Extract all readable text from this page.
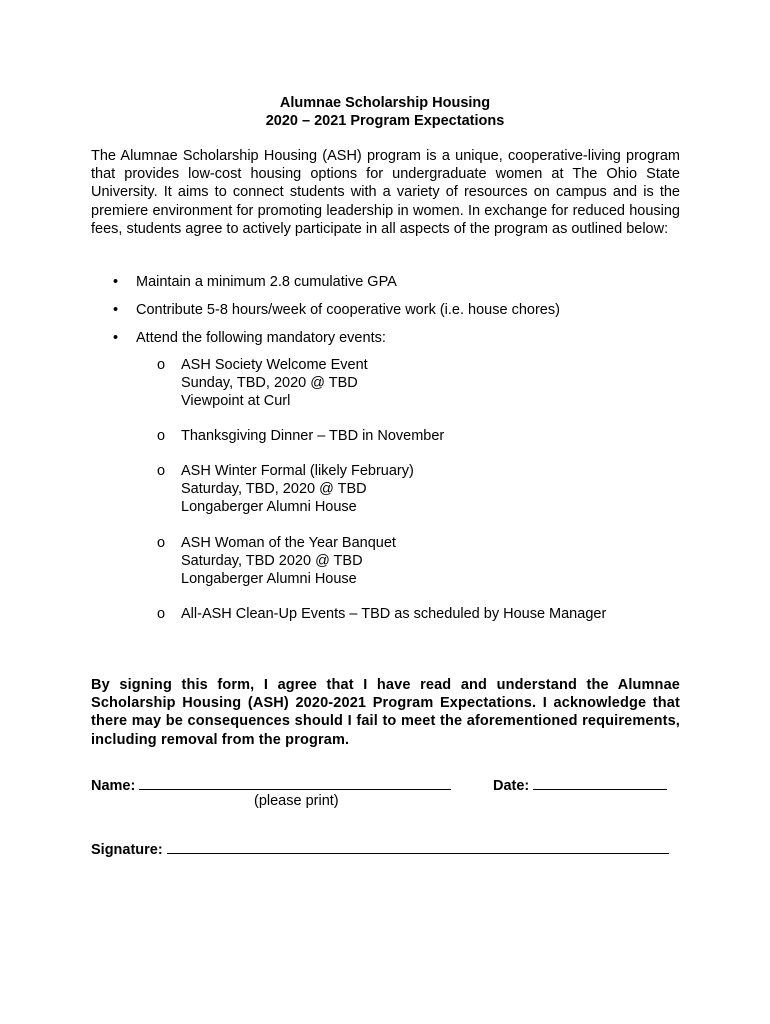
Alumnae Scholarship Housing
2020 – 2021 Program Expectations

The Alumnae Scholarship Housing (ASH) program is a unique, cooperative-living program that provides low-cost housing options for undergraduate women at The Ohio State University. It aims to connect students with a variety of resources on campus and is the premiere environment for promoting leadership in women. In exchange for reduced housing fees, students agree to actively participate in all aspects of the program as outlined below:

• Maintain a minimum 2.8 cumulative GPA
• Contribute 5-8 hours/week of cooperative work (i.e. house chores)
• Attend the following mandatory events:
o ASH Society Welcome Event
Sunday, TBD, 2020 @ TBD
Viewpoint at Curl
o Thanksgiving Dinner – TBD in November
o ASH Winter Formal (likely February)
Saturday, TBD, 2020 @ TBD
Longaberger Alumni House
o ASH Woman of the Year Banquet
Saturday, TBD 2020 @ TBD
Longaberger Alumni House
o All-ASH Clean-Up Events – TBD as scheduled by House Manager

By signing this form, I agree that I have read and understand the Alumnae Scholarship Housing (ASH) 2020-2021 Program Expectations. I acknowledge that there may be consequences should I fail to meet the aforementioned requirements, including removal from the program.

Name:	Date:
(please print)
Signature:
